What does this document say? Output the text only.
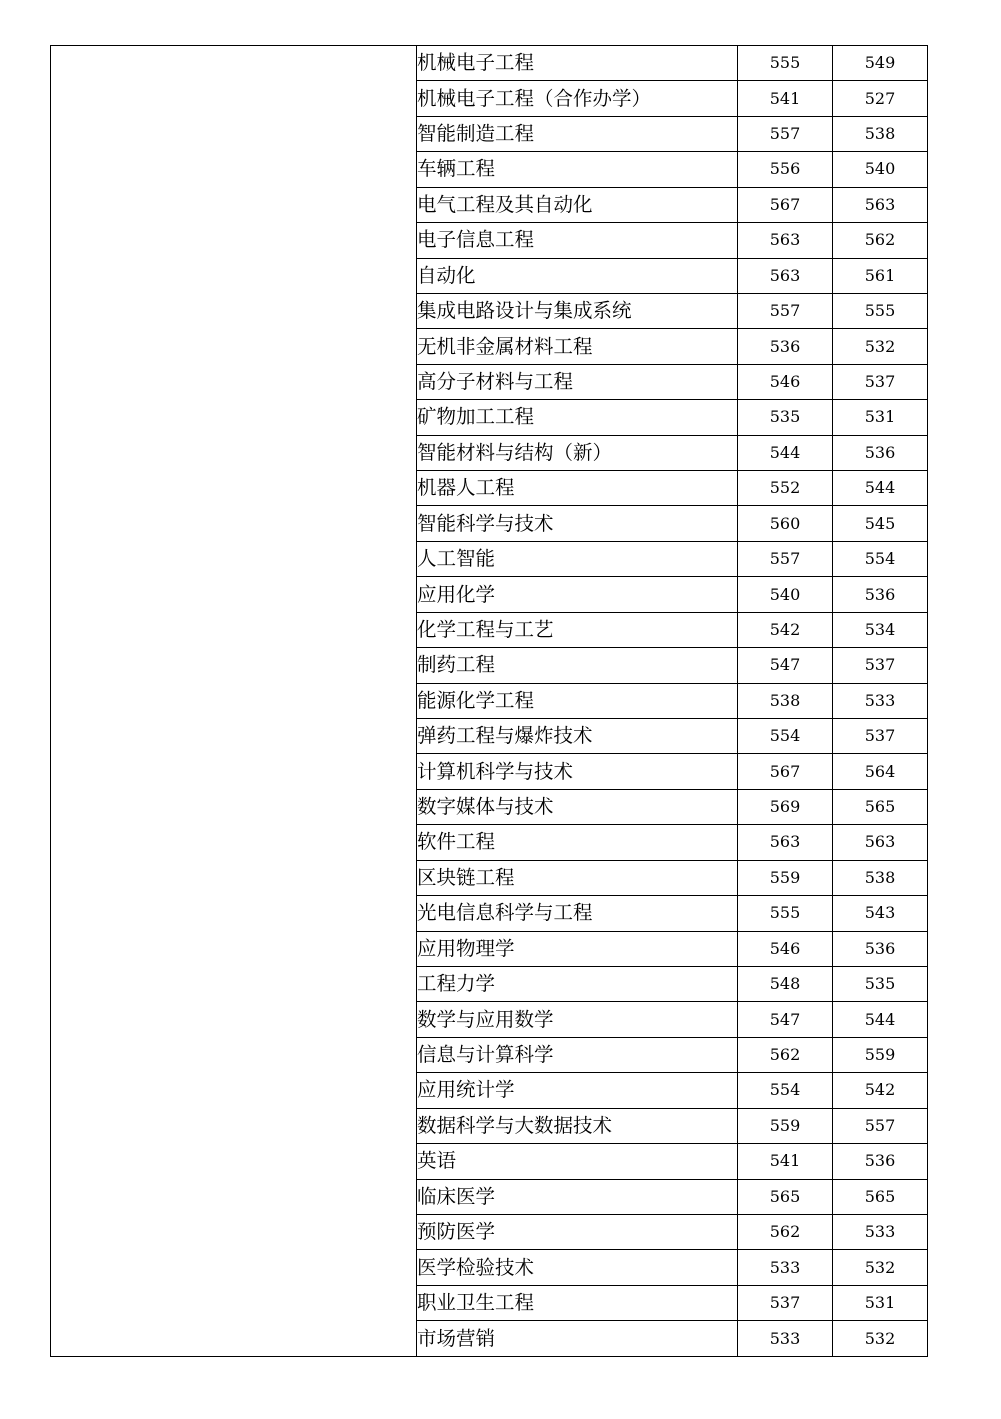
	机械电子工程	555	549
	机械电子工程（合作办学）	541	527
	智能制造工程	557	538
	车辆工程	556	540
	电气工程及其自动化	567	563
	电子信息工程	563	562
	自动化	563	561
	集成电路设计与集成系统	557	555
	无机非金属材料工程	536	532
	高分子材料与工程	546	537
	矿物加工工程	535	531
	智能材料与结构（新）	544	536
	机器人工程	552	544
	智能科学与技术	560	545
	人工智能	557	554
	应用化学	540	536
	化学工程与工艺	542	534
	制药工程	547	537
	能源化学工程	538	533
	弹药工程与爆炸技术	554	537
	计算机科学与技术	567	564
	数字媒体与技术	569	565
	软件工程	563	563
	区块链工程	559	538
	光电信息科学与工程	555	543
	应用物理学	546	536
	工程力学	548	535
	数学与应用数学	547	544
	信息与计算科学	562	559
	应用统计学	554	542
	数据科学与大数据技术	559	557
	英语	541	536
	临床医学	565	565
	预防医学	562	533
	医学检验技术	533	532
	职业卫生工程	537	531
	市场营销	533	532
